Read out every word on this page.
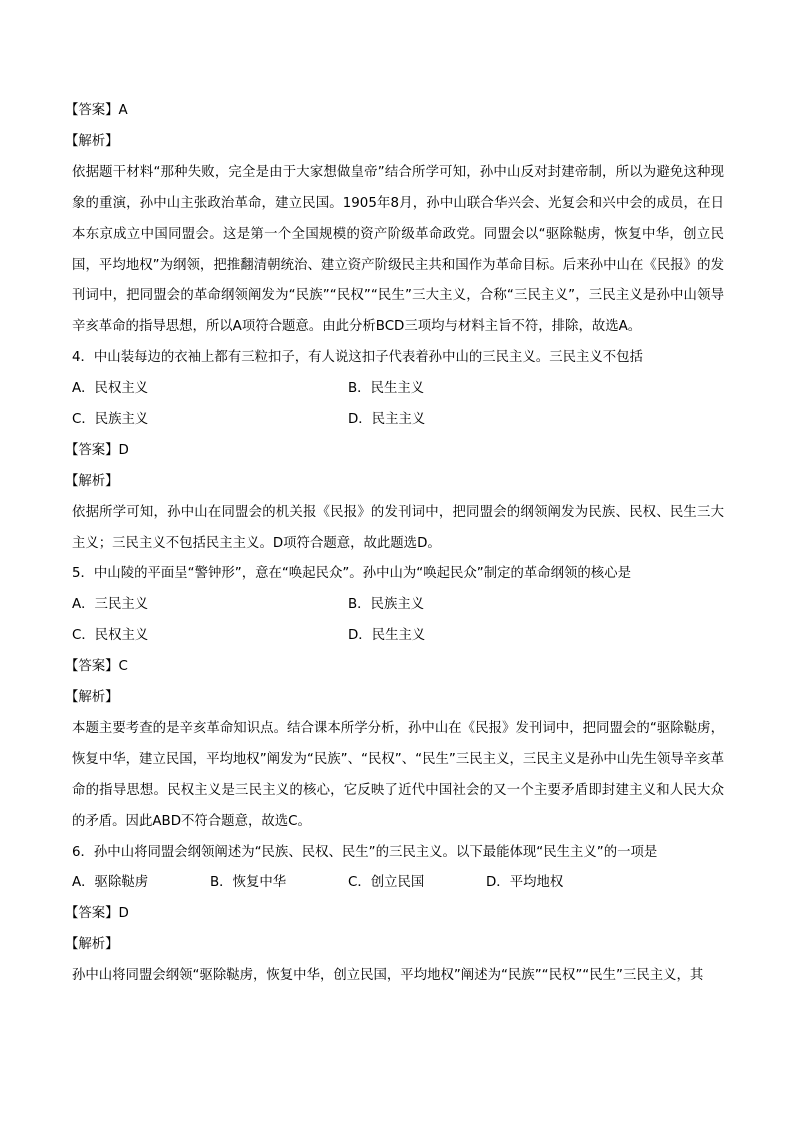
【答案】A
【解析】
依据题干材料“那种失败，完全是由于大家想做皇帝”结合所学可知，孙中山反对封建帝制，所以为避免这种现象的重演，孙中山主张政治革命，建立民国。1905年8月，孙中山联合华兴会、光复会和兴中会的成员，在日本东京成立中国同盟会。这是第一个全国规模的资产阶级革命政党。同盟会以“驱除鞑虏，恢复中华，创立民国，平均地权”为纲领，把推翻清朝统治、建立资产阶级民主共和国作为革命目标。后来孙中山在《民报》的发刊词中，把同盟会的革命纲领阐发为“民族”“民权”“民生”三大主义，合称“三民主义”，三民主义是孙中山领导辛亥革命的指导思想，所以A项符合题意。由此分析BCD三项均与材料主旨不符，排除，故选A。
4．中山装每边的衣袖上都有三粒扣子，有人说这扣子代表着孙中山的三民主义。三民主义不包括
A．民权主义	B．民生主义
C．民族主义	D．民主主义
【答案】D
【解析】
依据所学可知，孙中山在同盟会的机关报《民报》的发刊词中，把同盟会的纲领阐发为民族、民权、民生三大主义；三民主义不包括民主主义。D项符合题意，故此题选D。
5．中山陵的平面呈“警钟形”，意在“唤起民众”。孙中山为“唤起民众”制定的革命纲领的核心是
A．三民主义	B．民族主义
C．民权主义	D．民生主义
【答案】C
【解析】
本题主要考查的是辛亥革命知识点。结合课本所学分析，孙中山在《民报》发刊词中，把同盟会的“驱除鞑虏，恢复中华，建立民国，平均地权”阐发为“民族”、“民权”、“民生”三民主义，三民主义是孙中山先生领导辛亥革命的指导思想。民权主义是三民主义的核心，它反映了近代中国社会的又一个主要矛盾即封建主义和人民大众的矛盾。因此ABD不符合题意，故选C。
6．孙中山将同盟会纲领阐述为“民族、民权、民生”的三民主义。以下最能体现“民生主义”的一项是
A．驱除鞑虏	B．恢复中华	C．创立民国	D．平均地权
【答案】D
【解析】
孙中山将同盟会纲领“驱除鞑虏，恢复中华，创立民国，平均地权”阐述为“民族”“民权”“民生”三民主义，其
